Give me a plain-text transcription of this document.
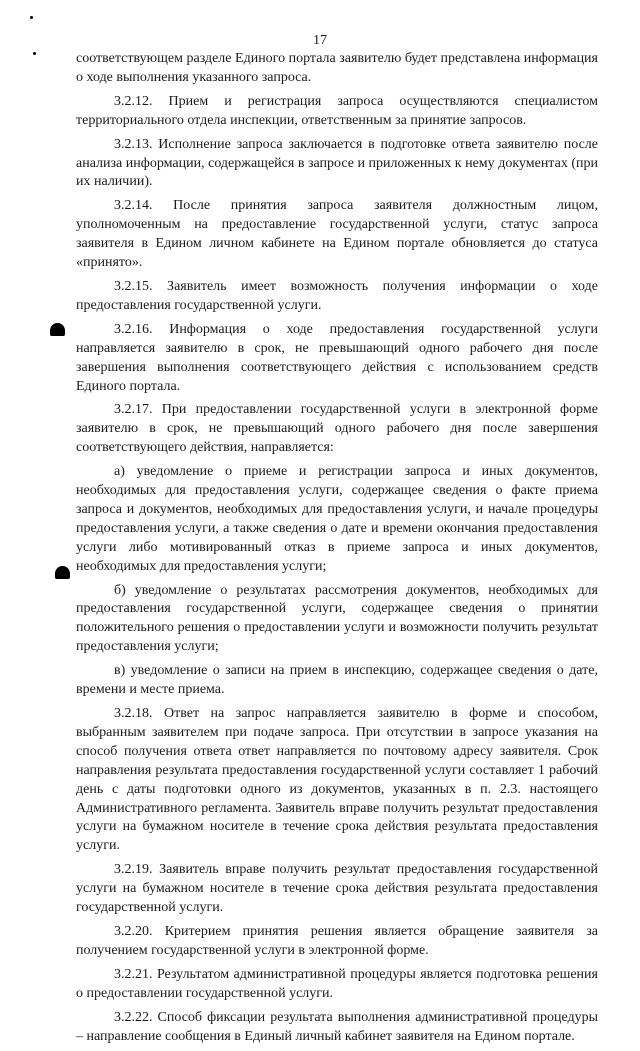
17

соответствующем разделе Единого портала заявителю будет представлена информация о ходе выполнения указанного запроса.

3.2.12. Прием и регистрация запроса осуществляются специалистом территориального отдела инспекции, ответственным за принятие запросов.

3.2.13. Исполнение запроса заключается в подготовке ответа заявителю после анализа информации, содержащейся в запросе и приложенных к нему документах (при их наличии).

3.2.14. После принятия запроса заявителя должностным лицом, уполномоченным на предоставление государственной услуги, статус запроса заявителя в Едином личном кабинете на Едином портале обновляется до статуса «принято».

3.2.15. Заявитель имеет возможность получения информации о ходе предоставления государственной услуги.

3.2.16. Информация о ходе предоставления государственной услуги направляется заявителю в срок, не превышающий одного рабочего дня после завершения выполнения соответствующего действия с использованием средств Единого портала.

3.2.17. При предоставлении государственной услуги в электронной форме заявителю в срок, не превышающий одного рабочего дня после завершения соответствующего действия, направляется:

а) уведомление о приеме и регистрации запроса и иных документов, необходимых для предоставления услуги, содержащее сведения о факте приема запроса и документов, необходимых для предоставления услуги, и начале процедуры предоставления услуги, а также сведения о дате и времени окончания предоставления услуги либо мотивированный отказ в приеме запроса и иных документов, необходимых для предоставления услуги;

б) уведомление о результатах рассмотрения документов, необходимых для предоставления государственной услуги, содержащее сведения о принятии положительного решения о предоставлении услуги и возможности получить результат предоставления услуги;

в) уведомление о записи на прием в инспекцию, содержащее сведения о дате, времени и месте приема.

3.2.18. Ответ на запрос направляется заявителю в форме и способом, выбранным заявителем при подаче запроса. При отсутствии в запросе указания на способ получения ответа ответ направляется по почтовому адресу заявителя. Срок направления результата предоставления государственной услуги составляет 1 рабочий день с даты подготовки одного из документов, указанных в п. 2.3. настоящего Административного регламента. Заявитель вправе получить результат предоставления услуги на бумажном носителе в течение срока действия результата предоставления услуги.

3.2.19. Заявитель вправе получить результат предоставления государственной услуги на бумажном носителе в течение срока действия результата предоставления государственной услуги.

3.2.20. Критерием принятия решения является обращение заявителя за получением государственной услуги в электронной форме.

3.2.21. Результатом административной процедуры является подготовка решения о предоставлении государственной услуги.

3.2.22. Способ фиксации результата выполнения административной процедуры – направление сообщения в Единый личный кабинет заявителя на Едином портале.
